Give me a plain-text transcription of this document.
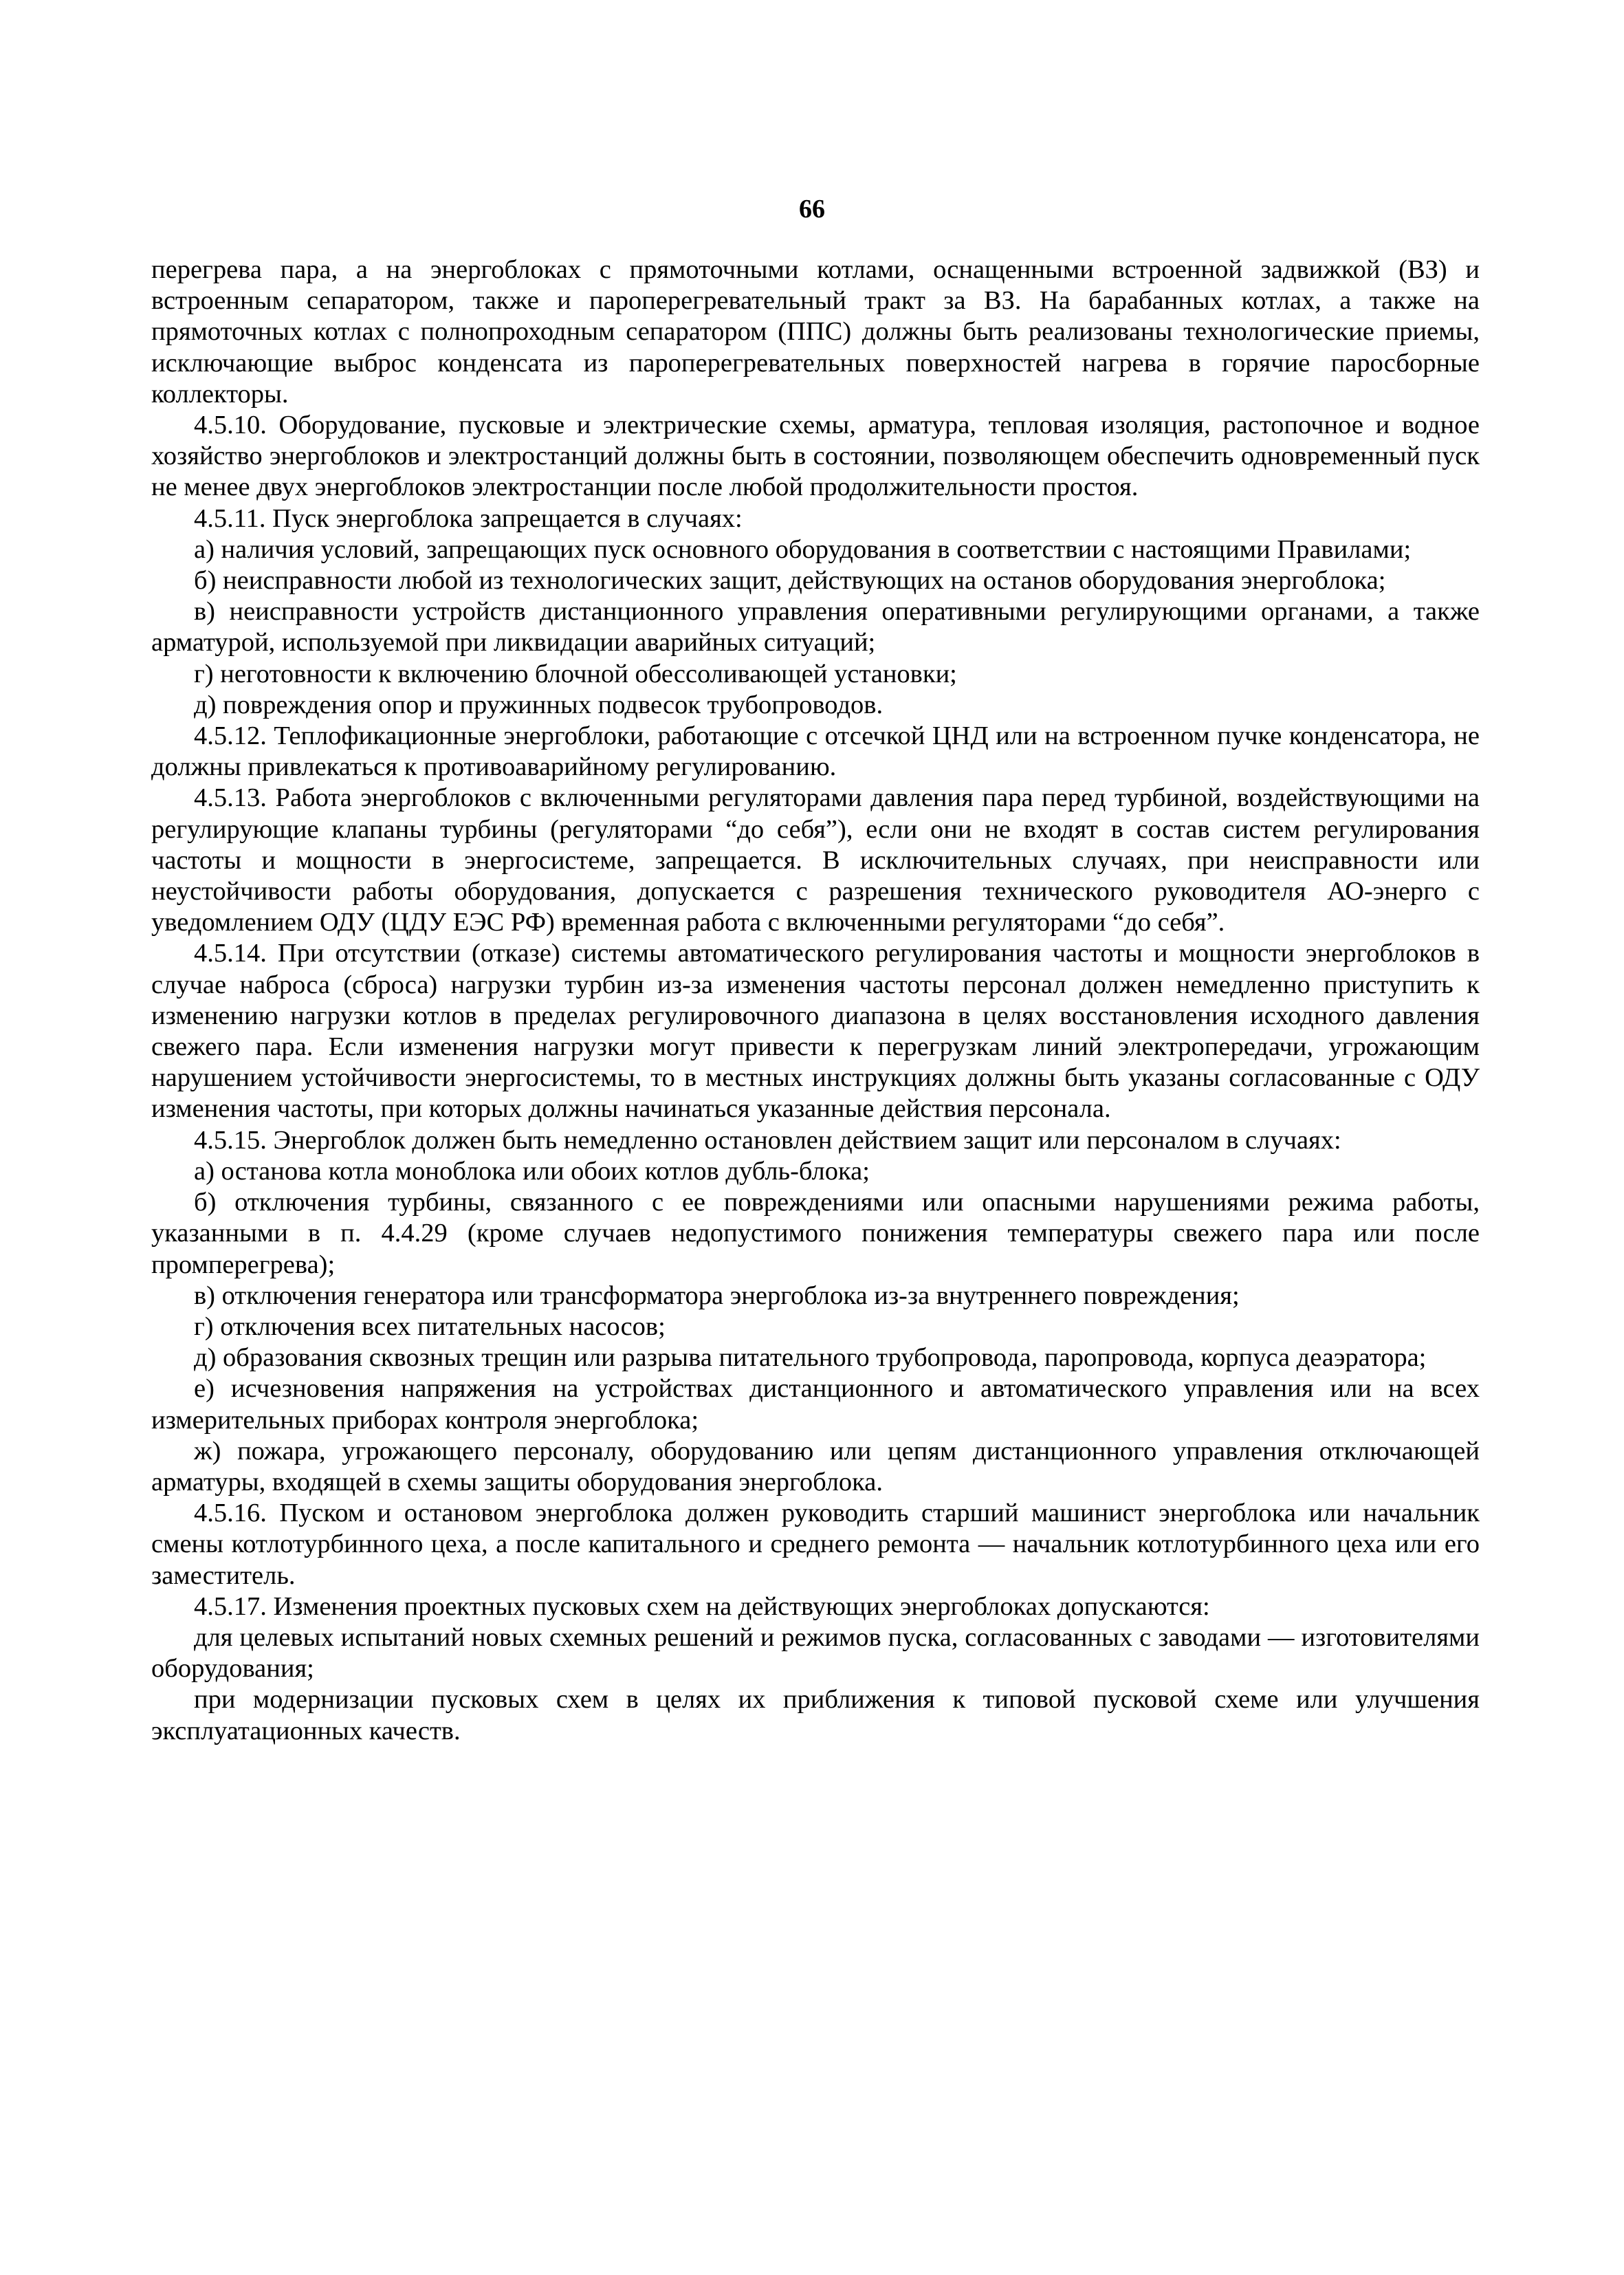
66

перегрева пара, а на энергоблоках с прямоточными котлами, оснащенными встроенной задвижкой (ВЗ) и встроенным сепаратором, также и пароперегревательный тракт за ВЗ. На барабанных котлах, а также на прямоточных котлах с полнопроходным сепаратором (ППС) должны быть реализованы технологические приемы, исключающие выброс конденсата из пароперегревательных поверхностей нагрева в горячие паросборные коллекторы.

4.5.10. Оборудование, пусковые и электрические схемы, арматура, тепловая изоляция, растопочное и водное хозяйство энергоблоков и электростанций должны быть в состоянии, позволяющем обеспечить одновременный пуск не менее двух энергоблоков электростанции после любой продолжительности простоя.

4.5.11. Пуск энергоблока запрещается в случаях:

а) наличия условий, запрещающих пуск основного оборудования в соответствии с настоящими Правилами;

б) неисправности любой из технологических защит, действующих на останов оборудования энергоблока;

в) неисправности устройств дистанционного управления оперативными регулирующими органами, а также арматурой, используемой при ликвидации аварийных ситуаций;

г) неготовности к включению блочной обессоливающей установки;

д) повреждения опор и пружинных подвесок трубопроводов.

4.5.12. Теплофикационные энергоблоки, работающие с отсечкой ЦНД или на встроенном пучке конденсатора, не должны привлекаться к противоаварийному регулированию.

4.5.13. Работа энергоблоков с включенными регуляторами давления пара перед турбиной, воздействующими на регулирующие клапаны турбины (регуляторами “до себя”), если они не входят в состав систем регулирования частоты и мощности в энергосистеме, запрещается. В исключительных случаях, при неисправности или неустойчивости работы оборудования, допускается с разрешения технического руководителя АО-энерго с уведомлением ОДУ (ЦДУ ЕЭС РФ) временная работа с включенными регуляторами “до себя”.

4.5.14. При отсутствии (отказе) системы автоматического регулирования частоты и мощности энергоблоков в случае наброса (сброса) нагрузки турбин из-за изменения частоты персонал должен немедленно приступить к изменению нагрузки котлов в пределах регулировочного диапазона в целях восстановления исходного давления свежего пара. Если изменения нагрузки могут привести к перегрузкам линий электропередачи, угрожающим нарушением устойчивости энергосистемы, то в местных инструкциях должны быть указаны согласованные с ОДУ изменения частоты, при которых должны начинаться указанные действия персонала.

4.5.15. Энергоблок должен быть немедленно остановлен действием защит или персоналом в случаях:

а) останова котла моноблока или обоих котлов дубль-блока;

б) отключения турбины, связанного с ее повреждениями или опасными нарушениями режима работы, указанными в п. 4.4.29 (кроме случаев недопустимого понижения температуры свежего пара или после промперегрева);

в) отключения генератора или трансформатора энергоблока из-за внутреннего повреждения;

г) отключения всех питательных насосов;

д) образования сквозных трещин или разрыва питательного трубопровода, паропровода, корпуса деаэратора;

е) исчезновения напряжения на устройствах дистанционного и автоматического управления или на всех измерительных приборах контроля энергоблока;

ж) пожара, угрожающего персоналу, оборудованию или цепям дистанционного управления отключающей арматуры, входящей в схемы защиты оборудования энергоблока.

4.5.16. Пуском и остановом энергоблока должен руководить старший машинист энергоблока или начальник смены котлотурбинного цеха, а после капитального и среднего ремонта — начальник котлотурбинного цеха или его заместитель.

4.5.17. Изменения проектных пусковых схем на действующих энергоблоках допускаются:

для целевых испытаний новых схемных решений и режимов пуска, согласованных с заводами — изготовителями оборудования;

при модернизации пусковых схем в целях их приближения к типовой пусковой схеме или улучшения эксплуатационных качеств.
